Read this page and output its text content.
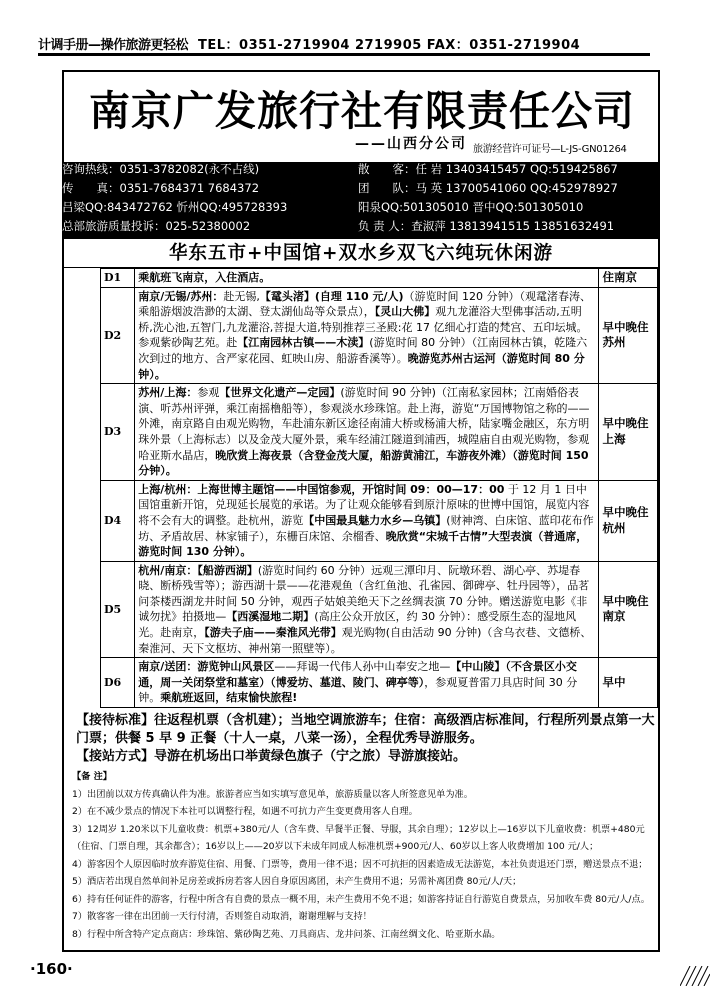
计调手册—操作旅游更轻松 TEL：0351-2719904 2719905 FAX：0351-2719904
南京广发旅行社有限责任公司
——山西分公司 旅游经营许可证号—L-JS-GN01264
咨询热线：0351-3782082(永不占线)
传　　真：0351-7684371 7684372
吕梁QQ:843472762 忻州QQ:495728393
总部旅游质量投诉：025-52380002
散　　客：任 岩 13403415457 QQ:519425867
团　　队：马 英 13700541060 QQ:452978927
阳泉QQ:501305010 晋中QQ:501305010
负 责 人：查淑萍 13813941515 13851632491
华东五市+中国馆+双水乡双飞六纯玩休闲游
D1	乘航班飞南京，入住酒店。	住南京
D2	南京/无锡/苏州：赴无锡,【鼋头渚】(自理 110 元/人)（游览时间 120 分钟）（观鼋渚春涛、乘船游烟波浩渺的太湖、登太湖仙岛等众景点），【灵山大佛】观九龙灌浴大型佛事活动,五明桥,洗心池,五智门,九龙灌浴,菩提大道,特别推荐三圣殿:花 17 亿细心打造的梵宫、五印坛城。参观紫砂陶艺苑。赴【江南园林古镇——木渎】(游览时间 80 分钟）（江南园林古镇，乾隆六次到过的地方、含严家花园、虹映山房、船游香溪等）。晚游览苏州古运河（游览时间 80 分钟）。	早中晚住苏州
D3	苏州/上海：参观【世界文化遗产—定园】(游览时间 90 分钟)（江南私家园林；江南婚俗表演、听苏州评弹，乘江南摇橹船等），参观淡水珍珠馆。赴上海，游览“万国博物馆之称的——外滩，南京路自由观光购物，车赴浦东新区途径南浦大桥或杨浦大桥，陆家嘴金融区，东方明珠外景（上海标志）以及金茂大厦外景，乘车经浦江隧道到浦西，城隍庙自由观光购物，参观哈亚斯水晶店，晚欣赏上海夜景（含登金茂大厦，船游黄浦江，车游夜外滩）（游览时间 150 分钟）。	早中晚住上海
D4	上海/杭州：上海世博主题馆——中国馆参观，开馆时间 09：00—17：00 于 12 月 1 日中国馆重新开馆，兑现延长展览的承诺。为了让观众能够看到原汁原味的世博中国馆，展览内容将不会有大的调整。赴杭州，游览【中国最具魅力水乡—乌镇】(财神湾、白床馆、蓝印花布作坊、矛盾故居、林家铺子），东栅百床馆、余榴香、晚欣赏“宋城千古情”大型表演（普通席，游览时间 130 分钟）。	早中晚住杭州
D5	杭州/南京：【船游西湖】(游览时间约 60 分钟）远观三潭印月、阮墩环碧、湖心亭、苏堤春晓、断桥残雪等）；游西湖十景——花港观鱼（含红鱼池、孔雀园、御碑亭、牡丹园等），品茗问茶楼西湖龙井时间 50 分钟，观西子姑娘美绝天下之丝绸表演 70 分钟。赠送游览电影《非诚勿扰》拍摄地—【西溪湿地二期】(高庄公众开放区，约 30 分钟）：感受原生态的湿地风光。赴南京，【游夫子庙——秦淮风光带】观光购物(自由活动 90 分钟)（含乌衣巷、文德桥、秦淮河、天下文枢坊、神州第一照壁等）。	早中晚住南京
D6	南京/送团：游览钟山风景区——拜谒一代伟人孙中山奉安之地—【中山陵】（不含景区小交通，周一关闭祭堂和墓室）（博爱坊、墓道、陵门、碑亭等），参观夏普雷刀具店时间 30 分钟。乘航班返回，结束愉快旅程!	早中
【接待标准】往返程机票（含机建）；当地空调旅游车；住宿：高级酒店标准间，行程所列景点第一大门票；供餐 5 早 9 正餐（十人一桌，八菜一汤），全程优秀导游服务。
【接站方式】导游在机场出口举黄绿色旗子（宁之旅）导游旗接站。
【备 注】
1）出团前以双方传真确认件为准。旅游者应当如实填写意见单，旅游质量以客人所签意见单为准。
2）在不减少景点的情况下本社可以调整行程，如遇不可抗力产生变更费用客人自理。
3）12周岁 1.20米以下儿童收费：机票+380元/人（含车费、早餐半正餐、导服，其余自理）；12岁以上—16岁以下儿童收费：机票+480元（住宿、门票自理，其余都含）；16岁以上——20岁以下未成年同成人标准机票+900元/人、60岁以上客人收费增加 100 元/人；
4）游客因个人原因临时放弃游览住宿、用餐、门票等，费用一律不退；因不可抗拒的因素造成无法游览，本社负责退还门票，赠送景点不退；
5）酒店若出现自然单间补足房差或拆房若客人因自身原因离团，未产生费用不退；另需补离团费 80元/人/天；
6）持有任何证件的游客，行程中所含有自费的景点一概不用，未产生费用不免不退；如游客持证自行游览自费景点，另加收车费 80元/人/点。
7）散客客一律在出团前一天行付清，否则签自动取消，谢谢理解与支持！
8）行程中所含特产定点商店：珍珠馆、紫砂陶艺苑、刀具商店、龙井问茶、江南丝绸文化、哈亚斯水晶。
·160·
